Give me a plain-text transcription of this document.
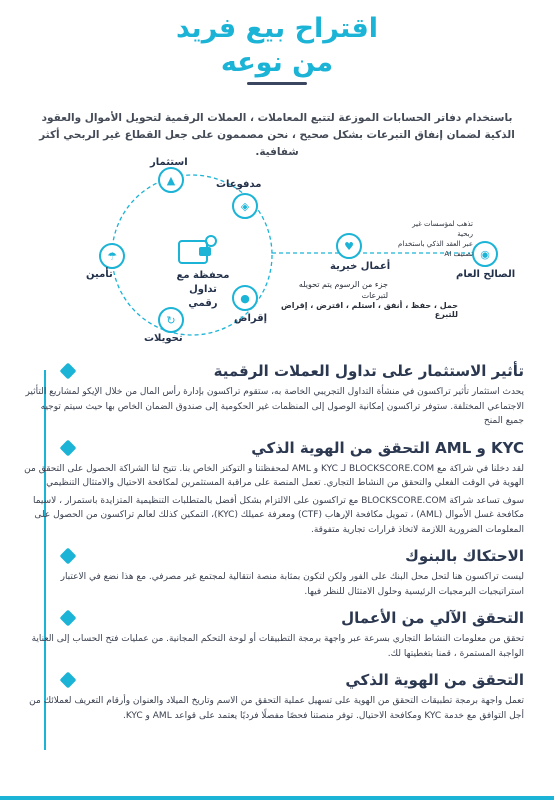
اقتراح بيع فريد
من نوعه
باستخدام دفاتر الحسابات الموزعة لتتبع المعاملات ، العملات الرقمية لتحويل الأموال والعقود الذكية لضمان إنفاق التبرعات بشكل صحيح ، نحن مصممون على جعل القطاع غير الربحي أكثر شفافية.
▲
استثمار
◈
مدفوعات
☂
تأمين
●
إقراض
↻
تحويلات
محفظة مع تداول رقمي
♥
أعمال خيرية
جزء من الرسوم يتم تحويله لتبرعات
حمل ، حفظ ، أنفق ، استلم ، اقترض ، إقراض للتبرع
◉
الصالح العام
تذهب لمؤسسات غير ربحية
عبر العقد الذكي باستخدام
تصنيف AI
تأثير الاستثمار على تداول العملات الرقمية

يحدث استثمار تأثير تراكسون في منشأة التداول التجريبي الخاصة به، ستقوم تراكسون بإدارة رأس المال من خلال الإيكو لمشاريع التأثير الاجتماعي المختلفة. ستوفر تراكسون إمكانية الوصول إلى المنظمات غير الحكومية إلى صندوق الضمان الخاص بها حيث سيتم توجيه جميع المنح

KYC و AML التحقق من الهوية الذكي

لقد دخلنا في شراكة مع BLOCKSCORE.COM لـ KYC و AML لمحفظتنا و التوكنز الخاص بنا. تتيح لنا الشراكة الحصول على التحقق من الهوية في الوقت الفعلي والتحقق من النشاط التجاري. تعمل المنصة على مراقبة المستثمرين لمكافحة الاحتيال والامتثال التنظيمي

سوف تساعد شراكة BLOCKSCORE.COM مع تراكسون على الالتزام بشكل أفضل بالمتطلبات التنظيمية المتزايدة باستمرار ، لاسيما مكافحة غسل الأموال (AML) ، تمويل مكافحة الإرهاب (CTF) ومعرفة عميلك (KYC)، التمكين كذلك لعالم تراكسون من الحصول على المعلومات الضرورية اللازمة لاتخاذ قرارات تجارية متفوقة.

الاحتكاك بالبنوك

ليست تراكسون هنا لتحل محل البنك على الفور ولكن لتكون بمثابة منصة انتقالية لمجتمع غير مصرفي. مع هذا نضع في الاعتبار استراتيجيات البرمجيات الرئيسية وحلول الامتثال للنظر فيها.

التحقق الآلي من الأعمال

تحقق من معلومات النشاط التجاري بسرعة عبر واجهة برمجة التطبيقات أو لوحة التحكم المجانية. من عمليات فتح الحساب إلى العناية الواجبة المستمرة ، قمنا بتغطيتها لك.

التحقق من الهوية الذكي

تعمل واجهة برمجة تطبيقات التحقق من الهوية على تسهيل عملية التحقق من الاسم وتاريخ الميلاد والعنوان وأرقام التعريف لعملائك من أجل التوافق مع خدمة KYC ومكافحة الاحتيال. توفر منصتنا فحصًا مفصلًا فرديًا يعتمد على قواعد AML و KYC.
